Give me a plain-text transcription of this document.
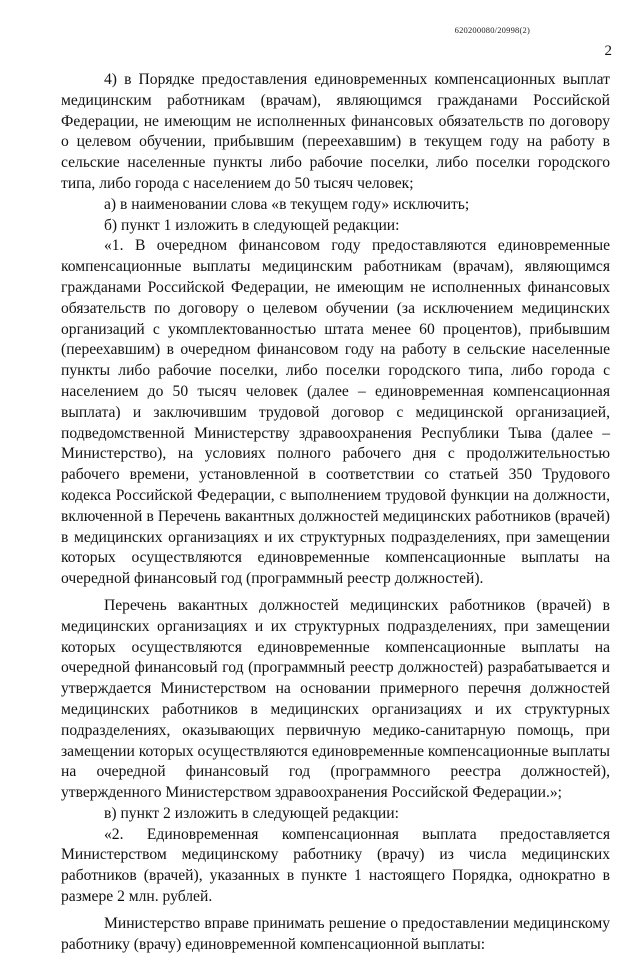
620200080/20998(2)
2

4) в Порядке предоставления единовременных компенсационных выплат медицинским работникам (врачам), являющимся гражданами Российской Федерации, не имеющим не исполненных финансовых обязательств по договору о целевом обучении, прибывшим (переехавшим) в текущем году на работу в сельские населенные пункты либо рабочие поселки, либо поселки городского типа, либо города с населением до 50 тысяч человек;

а) в наименовании слова «в текущем году» исключить;

б) пункт 1 изложить в следующей редакции:

«1. В очередном финансовом году предоставляются единовременные компенсационные выплаты медицинским работникам (врачам), являющимся гражданами Российской Федерации, не имеющим не исполненных финансовых обязательств по договору о целевом обучении (за исключением медицинских организаций с укомплектованностью штата менее 60 процентов), прибывшим (переехавшим) в очередном финансовом году на работу в сельские населенные пункты либо рабочие поселки, либо поселки городского типа, либо города с населением до 50 тысяч человек (далее – единовременная компенсационная выплата) и заключившим трудовой договор с медицинской организацией, подведомственной Министерству здравоохранения Республики Тыва (далее – Министерство), на условиях полного рабочего дня с продолжительностью рабочего времени, установленной в соответствии со статьей 350 Трудового кодекса Российской Федерации, с выполнением трудовой функции на должности, включенной в Перечень вакантных должностей медицинских работников (врачей) в медицинских организациях и их структурных подразделениях, при замещении которых осуществляются единовременные компенсационные выплаты на очередной финансовый год (программный реестр должностей).

Перечень вакантных должностей медицинских работников (врачей) в медицинских организациях и их структурных подразделениях, при замещении которых осуществляются единовременные компенсационные выплаты на очередной финансовый год (программный реестр должностей) разрабатывается и утверждается Министерством на основании примерного перечня должностей медицинских работников в медицинских организациях и их структурных подразделениях, оказывающих первичную медико-санитарную помощь, при замещении которых осуществляются единовременные компенсационные выплаты на очередной финансовый год (программного реестра должностей), утвержденного Министерством здравоохранения Российской Федерации.»;

в) пункт 2 изложить в следующей редакции:

«2. Единовременная компенсационная выплата предоставляется Министерством медицинскому работнику (врачу) из числа медицинских работников (врачей), указанных в пункте 1 настоящего Порядка, однократно в размере 2 млн. рублей.

Министерство вправе принимать решение о предоставлении медицинскому работнику (врачу) единовременной компенсационной выплаты:
